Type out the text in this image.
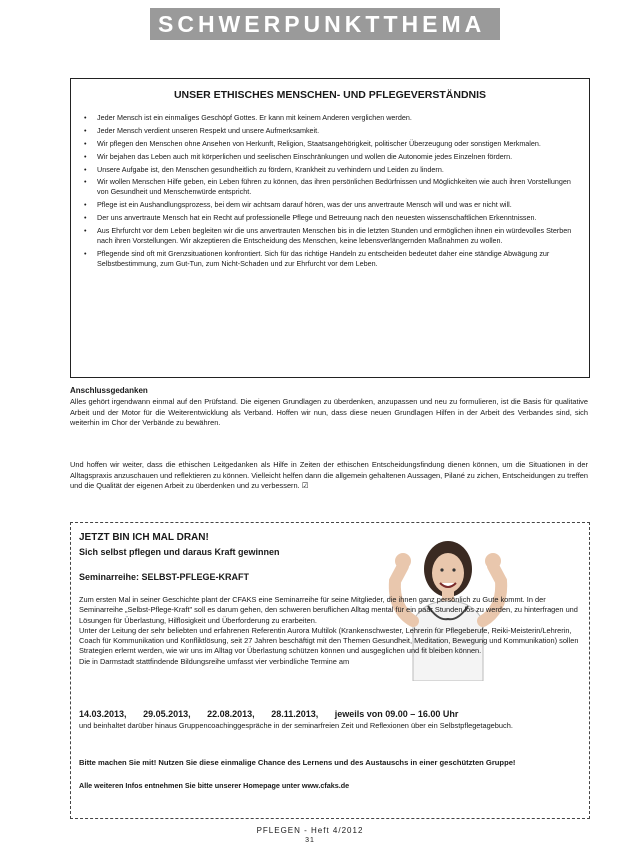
SCHWERPUNKTTHEMA
UNSER ETHISCHES MENSCHEN- UND PFLEGEVERSTÄNDNIS
• Jeder Mensch ist ein einmaliges Geschöpf Gottes. Er kann mit keinem Anderen verglichen werden.
• Jeder Mensch verdient unseren Respekt und unsere Aufmerksamkeit.
• Wir pflegen den Menschen ohne Ansehen von Herkunft, Religion, Staatsangehörigkeit, politischer Überzeugung oder sonstigen Merkmalen.
• Wir bejahen das Leben auch mit körperlichen und seelischen Einschränkungen und wollen die Autonomie jedes Einzelnen fördern.
• Unsere Aufgabe ist, den Menschen gesundheitlich zu fördern, Krankheit zu verhindern und Leiden zu lindern.
• Wir wollen Menschen Hilfe geben, ein Leben führen zu können, das ihren persönlichen Bedürfnissen und Möglichkeiten wie auch ihren Vorstellungen von Gesundheit und Menschenwürde entspricht.
• Pflege ist ein Aushandlungsprozess, bei dem wir achtsam darauf hören, was der uns anvertraute Mensch will und was er nicht will.
• Der uns anvertraute Mensch hat ein Recht auf professionelle Pflege und Betreuung nach den neuesten wissenschaftlichen Erkenntnissen.
• Aus Ehrfurcht vor dem Leben begleiten wir die uns anvertrauten Menschen bis in die letzten Stunden und ermöglichen ihnen ein würdevolles Sterben nach ihren Vorstellungen. Wir akzeptieren die Entscheidung des Menschen, keine lebensverlängernden Maßnahmen zu wollen.
• Pflegende sind oft mit Grenzsituationen konfrontiert. Sich für das richtige Handeln zu entscheiden bedeutet daher eine ständige Abwägung zur Selbstbestimmung, zum Gut-Tun, zum Nicht-Schaden und zur Ehrfurcht vor dem Leben.
Anschlussgedanken
Alles gehört irgendwann einmal auf den Prüfstand. Die eigenen Grundlagen zu überdenken, anzupassen und neu zu formulieren, ist die Basis für qualitative Arbeit und der Motor für die Weiterentwicklung als Verband. Hoffen wir nun, dass diese neuen Grundlagen Hilfen in der Arbeit des Verbandes sind, sich weiterhin im Chor der Verbände zu bewähren.
Und hoffen wir weiter, dass die ethischen Leitgedanken als Hilfe in Zeiten der ethischen Entscheidungsfindung dienen können, um die Situationen in der Alltagspraxis anzuschauen und reflektieren zu können. Vielleicht helfen dann die allgemein gehaltenen Aussagen, Pilané zu zichen, Entscheidungen zu treffen und die Qualität der eigenen Arbeit zu überdenken und zu verbessern. ☑
JETZT BIN ICH MAL DRAN!
Sich selbst pflegen und daraus Kraft gewinnen
Seminarreihe: SELBST-PFLEGE-KRAFT

Zum ersten Mal in seiner Geschichte plant der CFAKS eine Seminarreihe für seine Mitglieder, die ihnen ganz persönlich zu Gute kommt. In der Seminarreihe „Selbst-Pflege-Kraft" soll es darum gehen, den schweren beruflichen Alltag mental für ein paar Stunden los zu werden, zu hinterfragen und Lösungen für Überlastung, Hilflosigkeit und Überforderung zu erarbeiten.

Unter der Leitung der sehr beliebten und erfahrenen Referentin Aurora Multilok (Krankenschwester, Lehrerin für Pflegeberufe, Reiki-Meisterin/Lehrerin, Coach für Kommunikation und Konfliktlösung, seit 27 Jahren beschäftigt mit den Themen Gesundheit, Meditation, Bewegung und Kommunikation) sollen Strategien erlernt werden, wie wir uns im Alltag vor Überlastung schützen können und ausgeglichen und fit bleiben können.

Die in Darmstadt stattfindende Bildungsreihe umfasst vier verbindliche Termine am

14.03.2013, 29.05.2013, 22.08.2013, 28.11.2013, jeweils von 09.00 – 16.00 Uhr
und beinhaltet darüber hinaus Gruppencoachinggespräche in der seminarfreien Zeit und Reflexionen über ein Selbstpflegetagebuch.
Bitte machen Sie mit! Nutzen Sie diese einmalige Chance des Lernens und des Austauschs in einer geschützten Gruppe!
Alle weiteren Infos entnehmen Sie bitte unserer Homepage unter www.cfaks.de
PFLEGEN - Heft 4/2012
31
